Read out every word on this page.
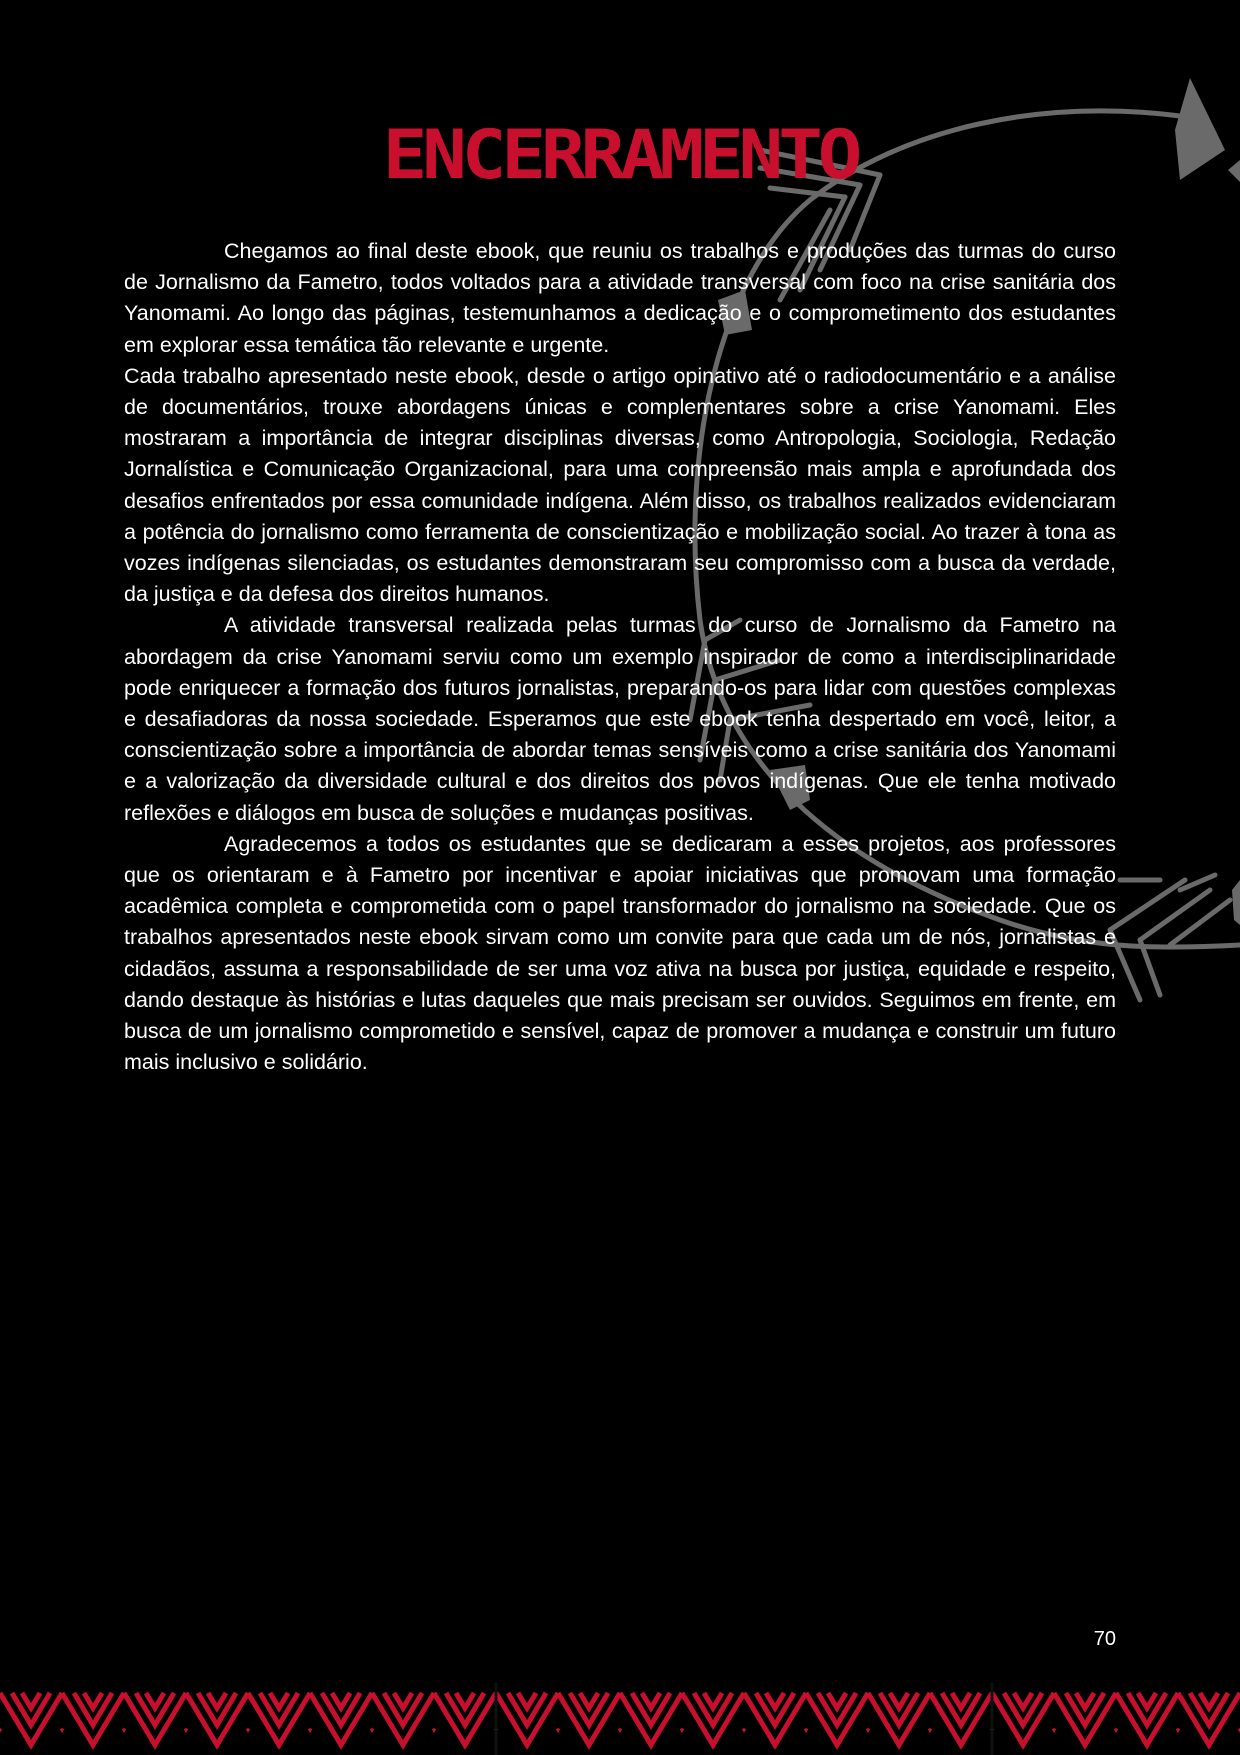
ENCERRAMENTO

Chegamos ao final deste ebook, que reuniu os trabalhos e produções das turmas do curso de Jornalismo da Fametro, todos voltados para a atividade transversal com foco na crise sanitária dos Yanomami. Ao longo das páginas, testemunhamos a dedicação e o comprometimento dos estudantes em explorar essa temática tão relevante e urgente.

Cada trabalho apresentado neste ebook, desde o artigo opinativo até o radiodocumentário e a análise de documentários, trouxe abordagens únicas e complementares sobre a crise Yanomami. Eles mostraram a importância de integrar disciplinas diversas, como Antropologia, Sociologia, Redação Jornalística e Comunicação Organizacional, para uma compreensão mais ampla e aprofundada dos desafios enfrentados por essa comunidade indígena. Além disso, os trabalhos realizados evidenciaram a potência do jornalismo como ferramenta de conscientização e mobilização social. Ao trazer à tona as vozes indígenas silenciadas, os estudantes demonstraram seu compromisso com a busca da verdade, da justiça e da defesa dos direitos humanos.

A atividade transversal realizada pelas turmas do curso de Jornalismo da Fametro na abordagem da crise Yanomami serviu como um exemplo inspirador de como a interdisciplinaridade pode enriquecer a formação dos futuros jornalistas, preparando-os para lidar com questões complexas e desafiadoras da nossa sociedade. Esperamos que este ebook tenha despertado em você, leitor, a conscientização sobre a importância de abordar temas sensíveis como a crise sanitária dos Yanomami e a valorização da diversidade cultural e dos direitos dos povos indígenas. Que ele tenha motivado reflexões e diálogos em busca de soluções e mudanças positivas.

Agradecemos a todos os estudantes que se dedicaram a esses projetos, aos professores que os orientaram e à Fametro por incentivar e apoiar iniciativas que promovam uma formação acadêmica completa e comprometida com o papel transformador do jornalismo na sociedade. Que os trabalhos apresentados neste ebook sirvam como um convite para que cada um de nós, jornalistas e cidadãos, assuma a responsabilidade de ser uma voz ativa na busca por justiça, equidade e respeito, dando destaque às histórias e lutas daqueles que mais precisam ser ouvidos. Seguimos em frente, em busca de um jornalismo comprometido e sensível, capaz de promover a mudança e construir um futuro mais inclusivo e solidário.

70
